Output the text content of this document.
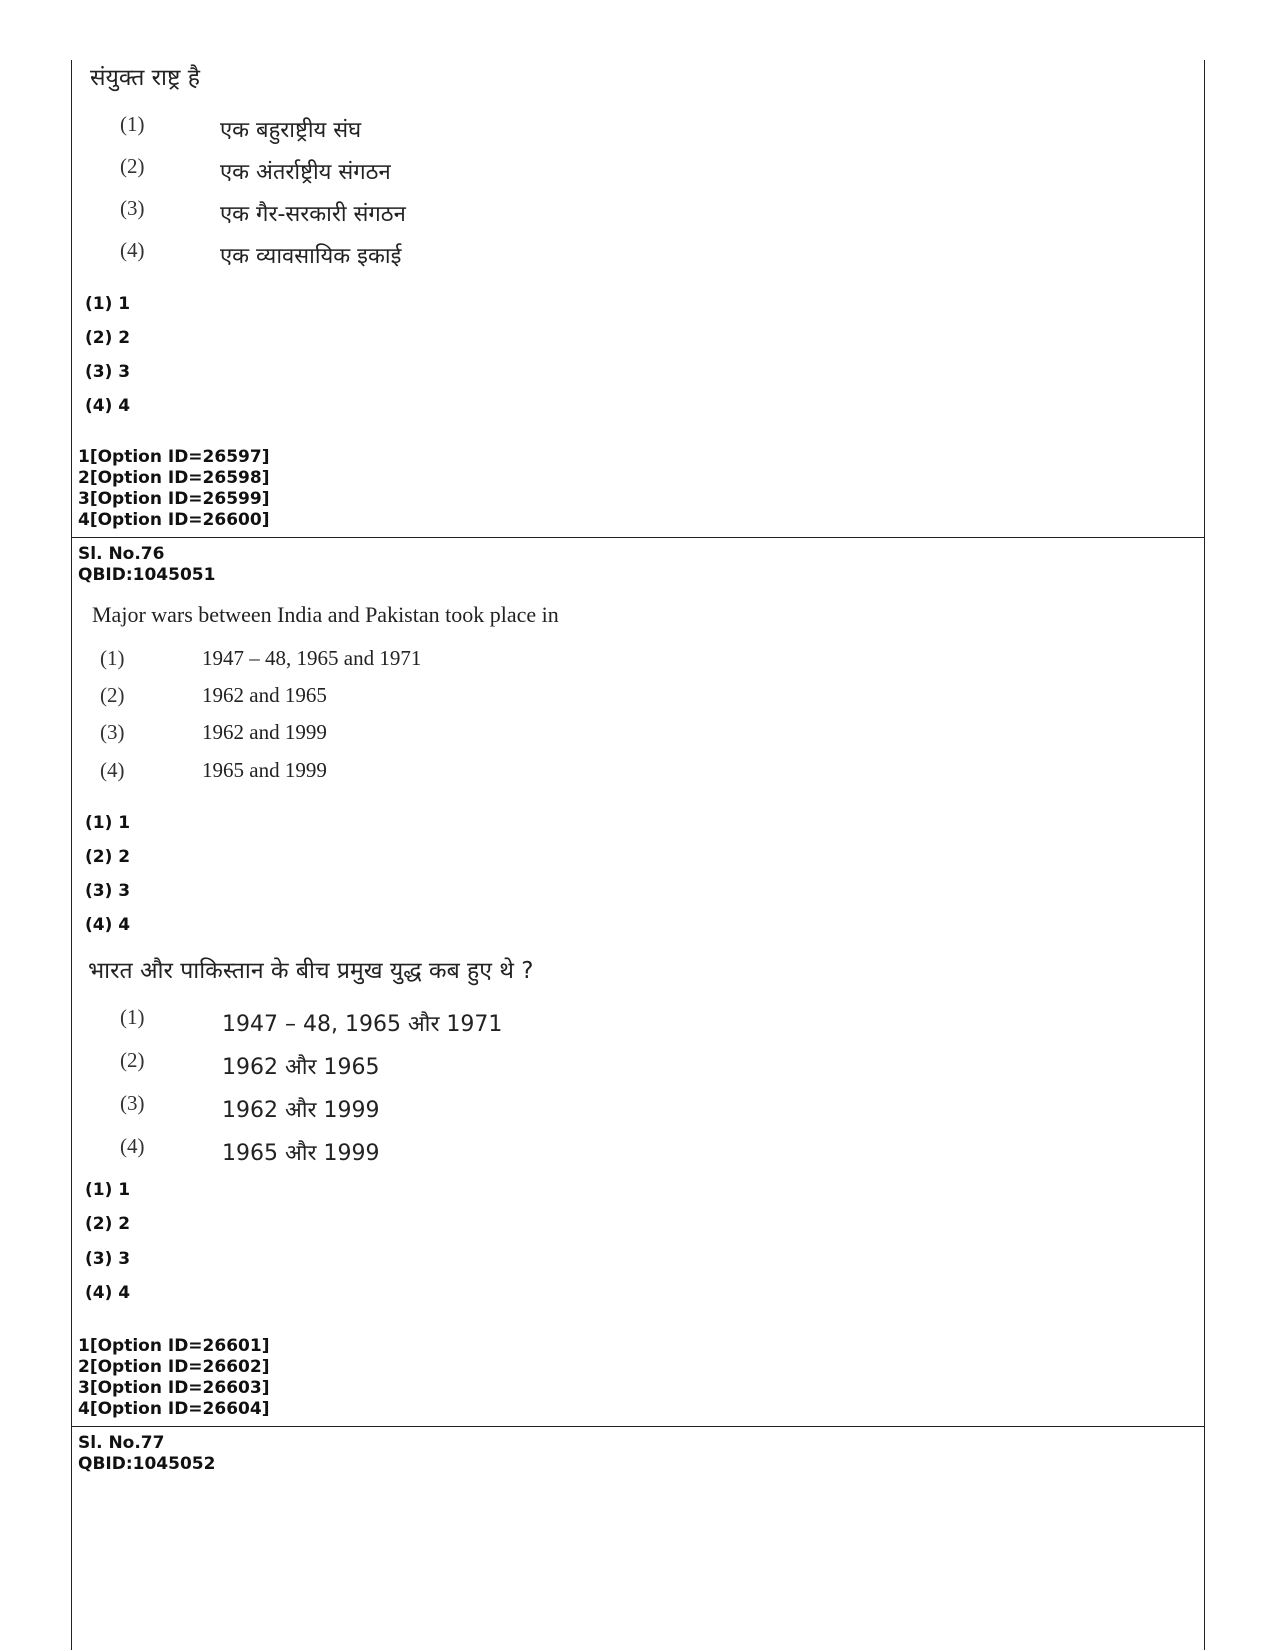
संयुक्त राष्ट्र है
(1)	एक बहुराष्ट्रीय संघ
(2)	एक अंतर्राष्ट्रीय संगठन
(3)	एक गैर-सरकारी संगठन
(4)	एक व्यावसायिक इकाई
(1) 1
(2) 2
(3) 3
(4) 4
1[Option ID=26597]
2[Option ID=26598]
3[Option ID=26599]
4[Option ID=26600]
Sl. No.76
QBID:1045051
Major wars between India and Pakistan took place in
(1)	1947 – 48, 1965 and 1971
(2)	1962 and 1965
(3)	1962 and 1999
(4)	1965 and 1999
(1) 1
(2) 2
(3) 3
(4) 4
भारत और पाकिस्तान के बीच प्रमुख युद्ध कब हुए थे ?
(1)	1947 – 48, 1965 और 1971
(2)	1962 और 1965
(3)	1962 और 1999
(4)	1965 और 1999
(1) 1
(2) 2
(3) 3
(4) 4
1[Option ID=26601]
2[Option ID=26602]
3[Option ID=26603]
4[Option ID=26604]
Sl. No.77
QBID:1045052
